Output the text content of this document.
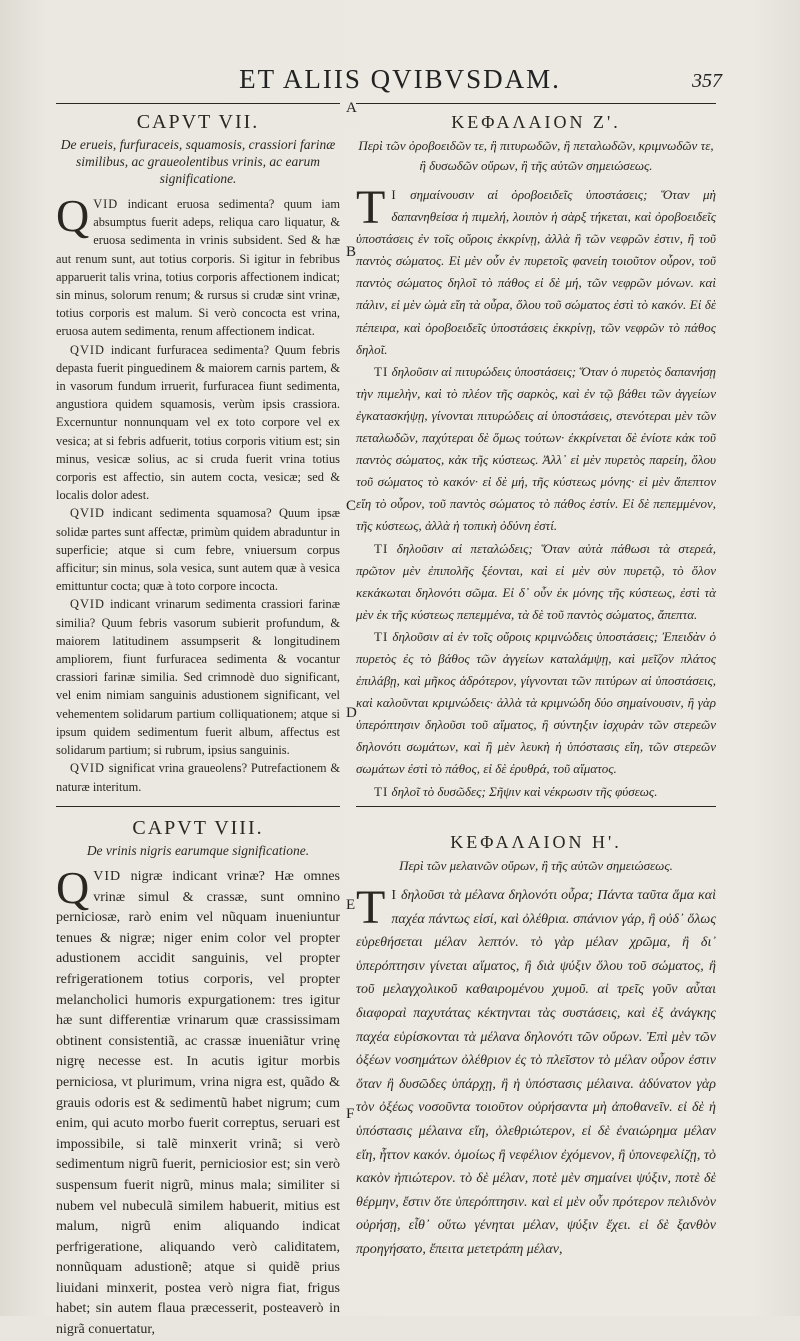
ET ALIIS QVIBVSDAM.	357
A
B
C
D
E
F
CAPVT VII.
De erueis, furfuraceis, squamosis, crassiori farinæ similibus, ac graueolentibus vrinis, ac earum significatione.

QVID indicant eruosa sedimenta? quum iam absumptus fuerit adeps, reliqua caro liquatur, & eruosa sedimenta in vrinis subsident. Sed & hæ aut renum sunt, aut totius corporis. Si igitur in febribus apparuerit talis vrina, totius corporis affectionem indicat; sin minus, solorum renum; & rursus si crudæ sint vrinæ, totius corporis est malum. Si verò concocta est vrina, eruosa autem sedimenta, renum affectionem indicat.

QVID indicant furfuracea sedimenta? Quum febris depasta fuerit pinguedinem & maiorem carnis partem, & in vasorum fundum irruerit, furfuracea fiunt sedimenta, angustiora quidem squamosis, verùm ipsis crassiora. Excernuntur nonnunquam vel ex toto corpore vel ex vesica; at si febris adfuerit, totius corporis vitium est; sin minus, vesicæ solius, ac si cruda fuerit vrina totius corporis est affectio, sin autem cocta, vesicæ; sed & localis dolor adest.

QVID indicant sedimenta squamosa? Quum ipsæ solidæ partes sunt affectæ, primùm quidem abraduntur in superficie; atque si cum febre, vniuersum corpus afficitur; sin minus, sola vesica, sunt autem quæ à vesica emittuntur cocta; quæ à toto corpore incocta.

QVID indicant vrinarum sedimenta crassiori farinæ similia? Quum febris vasorum subierit profundum, & maiorem latitudinem assumpserit & longitudinem ampliorem, fiunt furfuracea sedimenta & vocantur crassiori farinæ similia. Sed crimnodè duo significant, vel enim nimiam sanguinis adustionem significant, vel vehementem solidarum partium colliquationem; atque si ipsum quidem sedimentum fuerit album, affectus est solidarum partium; si rubrum, ipsius sanguinis.

QVID significat vrina graueolens? Putrefactionem & naturæ interitum.

CAPVT VIII.
De vrinis nigris earumque significatione.

QVID nigræ indicant vrinæ? Hæ omnes vrinæ simul & crassæ, sunt omnino perniciosæ, rarò enim vel nũquam inueniuntur tenues & nigræ; niger enim color vel propter adustionem accidit sanguinis, vel propter refrigerationem totius corporis, vel propter melancholici humoris expurgationem: tres igitur hæ sunt differentiæ vrinarum quæ crassissimam obtinent consistentiã, ac crassæ inueniãtur vrinę nigrę necesse est. In acutis igitur morbis perniciosa, vt plurimum, vrina nigra est, quãdo & grauis odoris est & sedimentũ habet nigrum; cum enim, qui acuto morbo fuerit correptus, seruari est impossibile, si talẽ minxerit vrinã; si verò sedimentum nigrũ fuerit, perniciosior est; sin verò suspensum fuerit nigrũ, minus mala; similiter si nubem vel nubeculã similem habuerit, mitius est malum, nigrũ enim aliquando indicat perfrigeratione, aliquando verò caliditatem, nonnũquam adustionẽ; atque si quidẽ prius liuidani minxerit, postea verò nigra fiat, frigus habet; sin autem flaua præcesserit, posteaverò in nigrã conuertatur,

ΚΕΦΑΛΑΙΟΝ Ζ'.
Περὶ τῶν ὀροβοειδῶν τε, ἢ πιτυρωδῶν, ἢ πεταλωδῶν, κριμνωδῶν τε, ἢ δυσωδῶν οὔρων, ἢ τῆς αὐτῶν σημειώσεως.

Τ Ι σημαίνουσιν αἱ ὀροβοειδεῖς ὑποστάσεις; Ὅταν μὴ δαπανηθείσα ἡ πιμελή, λοιπὸν ἡ σὰρξ τήκεται, καὶ ὀροβοειδεῖς ὑποστάσεις ἐν τοῖς οὔροις ἐκκρίνῃ, ἀλλὰ ἢ τῶν νεφρῶν ἐστιν, ἢ τοῦ παντὸς σώματος. Εἰ μὲν οὖν ἐν πυρετοῖς φανείη τοιοῦτον οὖρον, τοῦ παντὸς σώματος δηλοῖ τὸ πάθος εἰ δὲ μή, τῶν νεφρῶν μόνων. καὶ πάλιν, εἰ μὲν ὠμὰ εἴη τὰ οὖρα, ὅλου τοῦ σώματος ἐστὶ τὸ κακόν. Εἰ δὲ πέπειρα, καὶ ὀροβοειδεῖς ὑποστάσεις ἐκκρίνῃ, τῶν νεφρῶν τὸ πάθος δηλοῖ.

ΤΙ δηλοῦσιν αἱ πιτυρώδεις ὑποστάσεις; Ὅταν ὁ πυρετὸς δαπανήσῃ τὴν πιμελὴν, καὶ τὸ πλέον τῆς σαρκὸς, καὶ ἐν τῷ βάθει τῶν ἀγγείων ἐγκατασκήψῃ, γίνονται πιτυρώδεις αἱ ὑποστάσεις, στενότεραι μὲν τῶν πεταλωδῶν, παχύτεραι δὲ ὅμως τούτων· ἐκκρίνεται δὲ ἐνίοτε κἀκ τοῦ παντὸς σώματος, κἀκ τῆς κύστεως. Ἀλλ᾽ εἰ μὲν πυρετὸς παρείη, ὅλου τοῦ σώματος τὸ κακόν· εἰ δὲ μή, τῆς κύστεως μόνης· εἰ μὲν ἄπεπτον εἴη τὸ οὖρον, τοῦ παντὸς σώματος τὸ πάθος ἐστίν. Εἰ δὲ πεπεμμένον, τῆς κύστεως, ἀλλὰ ἡ τοπικὴ ὀδύνη ἐστί.

ΤΙ δηλοῦσιν αἱ πεταλώδεις; Ὅταν αὐτὰ πάθωσι τὰ στερεά, πρῶτον μὲν ἐπιπολῆς ξέονται, καὶ εἰ μὲν σὺν πυρετῷ, τὸ ὅλον κεκάκωται δηλονότι σῶμα. Εἰ δ᾽ οὖν ἐκ μόνης τῆς κύστεως, ἐστὶ τὰ μὲν ἐκ τῆς κύστεως πεπεμμένα, τὰ δὲ τοῦ παντὸς σώματος, ἄπεπτα.

ΤΙ δηλοῦσιν αἱ ἐν τοῖς οὔροις κριμνώδεις ὑποστάσεις; Ἐπειδὰν ὁ πυρετὸς ἐς τὸ βάθος τῶν ἀγγείων καταλάμψῃ, καὶ μεῖζον πλάτος ἐπιλάβῃ, καὶ μῆκος ἁδρότερον, γίγνονται τῶν πιτύρων αἱ ὑποστάσεις, καὶ καλοῦνται κριμνώδεις· ἀλλὰ τὰ κριμνώδη δύο σημαίνουσιν, ἢ γὰρ ὑπερόπτησιν δηλοῦσι τοῦ αἵματος, ἢ σύντηξιν ἰσχυρὰν τῶν στερεῶν δηλονότι σωμάτων, καὶ ἢ μὲν λευκὴ ἡ ὑπόστασις εἴη, τῶν στερεῶν σωμάτων ἐστὶ τὸ πάθος, εἰ δὲ ἐρυθρά, τοῦ αἵματος.

ΤΙ δηλοῖ τὸ δυσῶδες; Σῆψιν καὶ νέκρωσιν τῆς φύσεως.

ΚΕΦΑΛΑΙΟΝ Η'.
Περὶ τῶν μελαινῶν οὔρων, ἢ τῆς αὐτῶν σημειώσεως.

Τ Ι δηλοῦσι τὰ μέλανα δηλονότι οὖρα; Πάντα ταῦτα ἅμα καὶ παχέα πάντως εἰσί, καὶ ὀλέθρια. σπάνιον γάρ, ἢ οὐδ᾽ ὅλως εὑρεθήσεται μέλαν λεπτόν. τὸ γὰρ μέλαν χρῶμα, ἢ δι᾽ ὑπερόπτησιν γίνεται αἵματος, ἢ διὰ ψύξιν ὅλου τοῦ σώματος, ἢ τοῦ μελαγχολικοῦ καθαιρομένου χυμοῦ. αἱ τρεῖς γοῦν αὗται διαφοραὶ παχυτάτας κέκτηνται τὰς συστάσεις, καὶ ἐξ ἀνάγκης παχέα εὑρίσκονται τὰ μέλανα δηλονότι τῶν οὔρων. Ἐπὶ μὲν τῶν ὀξέων νοσημάτων ὀλέθριον ἐς τὸ πλεῖστον τὸ μέλαν οὖρον ἐστιν ὅταν ἢ δυσῶδες ὑπάρχῃ, ἢ ἡ ὑπόστασις μέλαινα. ἀδύνατον γὰρ τὸν ὀξέως νοσοῦντα τοιοῦτον οὐρήσαντα μὴ ἀποθανεῖν. εἰ δὲ ἡ ὑπόστασις μέλαινα εἴη, ὀλεθριώτερον, εἰ δὲ ἐναιώρημα μέλαν εἴη, ἧττον κακόν. ὁμοίως ἢ νεφέλιον ἐχόμενον, ἢ ὑπονεφελίζῃ, τὸ κακὸν ἠπιώτερον. τὸ δὲ μέλαν, ποτὲ μὲν σημαίνει ψύξιν, ποτὲ δὲ θέρμην, ἔστιν ὅτε ὑπερόπτησιν. καὶ εἰ μὲν οὖν πρότερον πελιδνὸν οὐρήσῃ, εἶθ᾽ οὕτω γένηται μέλαν, ψύξιν ἔχει. εἰ δὲ ξανθὸν προηγήσατο, ἔπειτα μετετράπη μέλαν,
